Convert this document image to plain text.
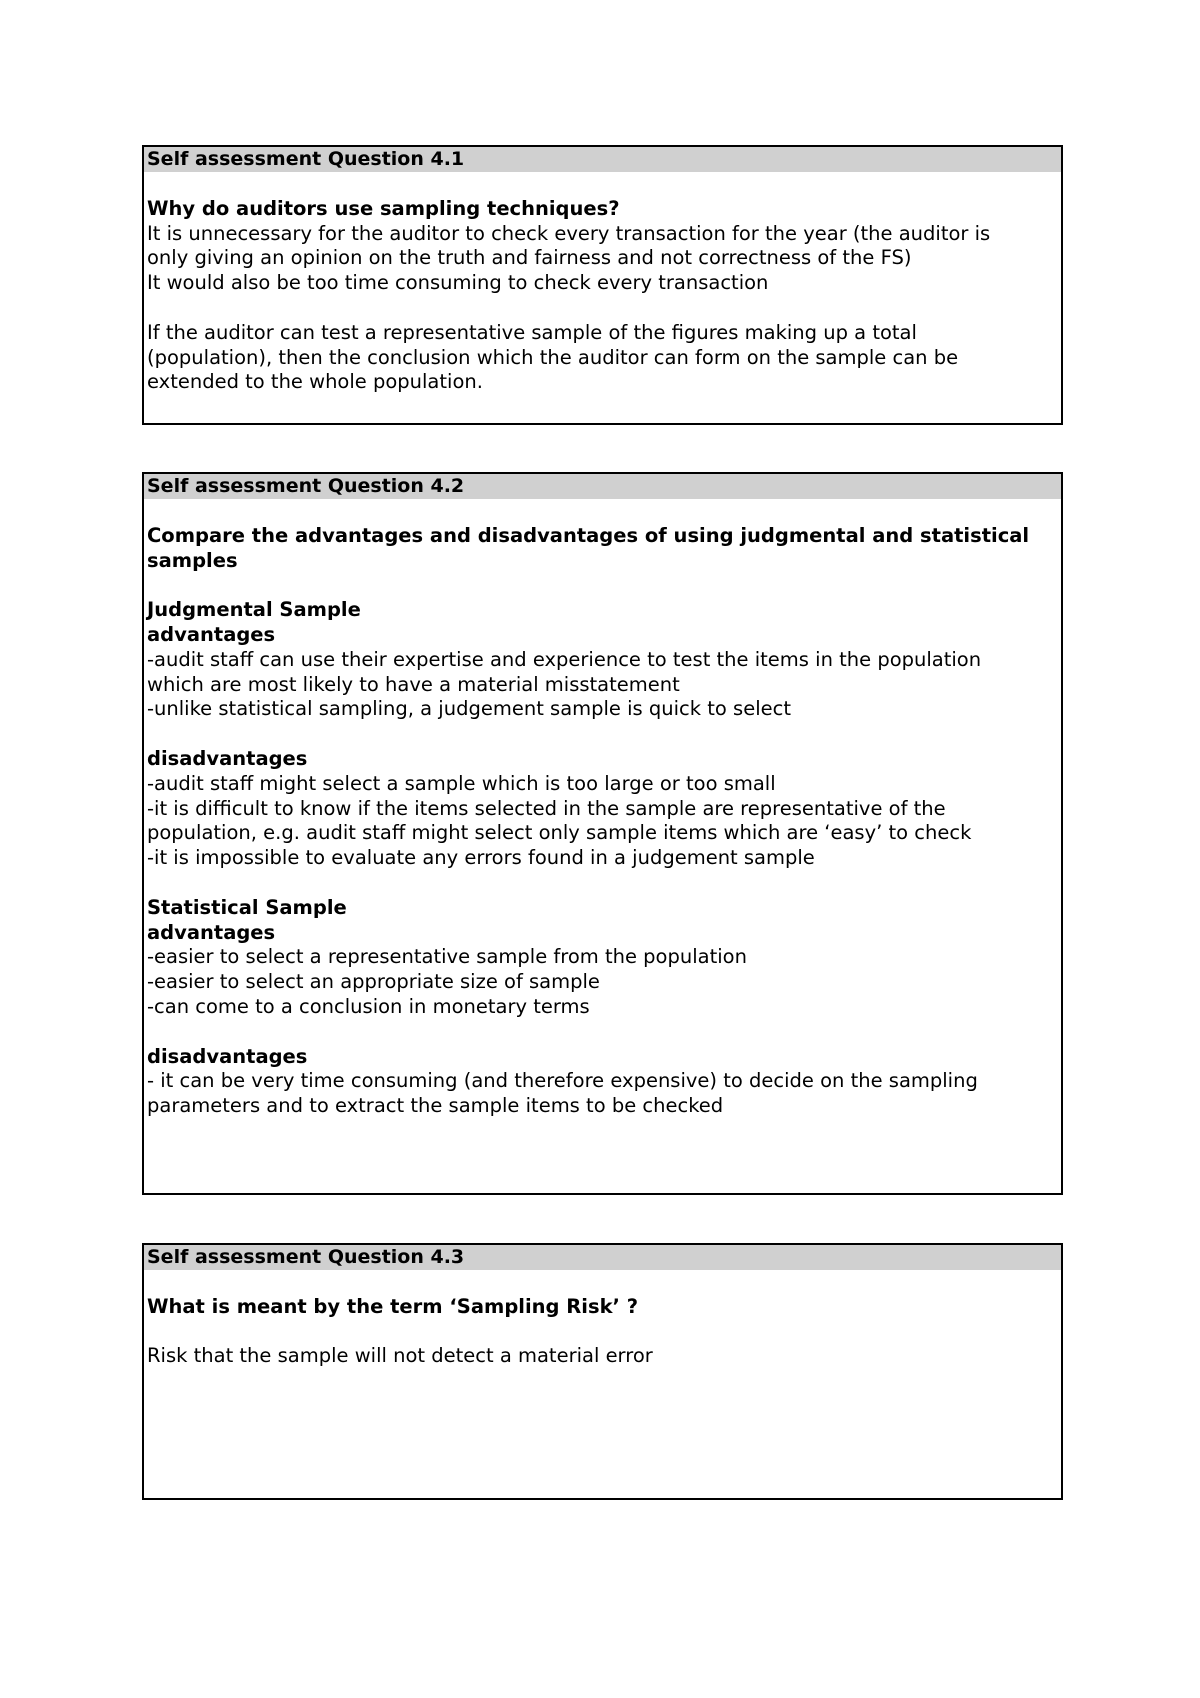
Self assessment Question 4.1
Why do auditors use sampling techniques?
It is unnecessary for the auditor to check every transaction for the year (the auditor is
only giving an opinion on the truth and fairness and not correctness of the FS)
It would also be too time consuming to check every transaction
If the auditor can test a representative sample of the figures making up a total
(population), then the conclusion which the auditor can form on the sample can be
extended to the whole population.
Self assessment Question 4.2
Compare the advantages and disadvantages of using judgmental and statistical samples
Judgmental Sample
advantages
-audit staff can use their expertise and experience to test the items in the population
which are most likely to have a material misstatement
-unlike statistical sampling, a judgement sample is quick to select
disadvantages
-audit staff might select a sample which is too large or too small
-it is difficult to know if the items selected in the sample are representative of the
population, e.g. audit staff might select only sample items which are ‘easy’ to check
-it is impossible to evaluate any errors found in a judgement sample
Statistical Sample
advantages
-easier to select a representative sample from the population
-easier to select an appropriate size of sample
-can come to a conclusion in monetary terms
disadvantages
- it can be very time consuming (and therefore expensive) to decide on the sampling
parameters and to extract the sample items to be checked
Self assessment Question 4.3
What is meant by the term ‘Sampling Risk’ ?
Risk that the sample will not detect a material error
